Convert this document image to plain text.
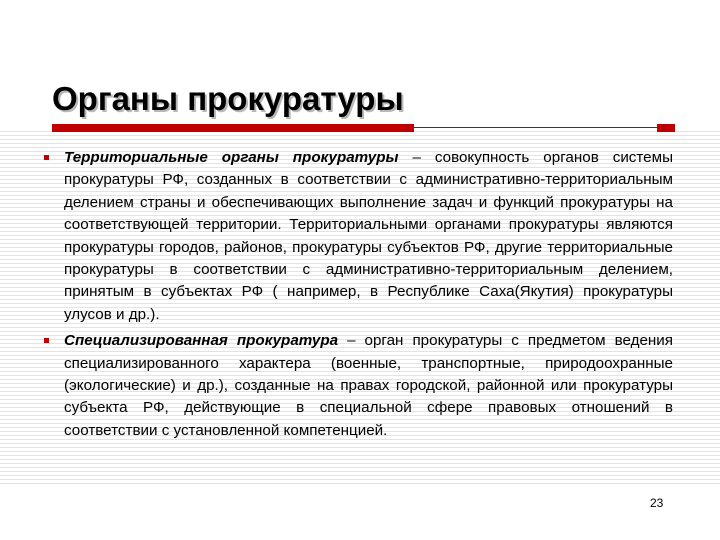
Органы прокуратуры
Территориальные органы прокуратуры – совокупность органов системы прокуратуры РФ, созданных в соответствии с административно-территориальным делением страны и обеспечивающих выполнение задач и функций прокуратуры на соответствующей территории. Территориальными органами прокуратуры являются прокуратуры городов, районов, прокуратуры субъектов РФ, другие территориальные прокуратуры в соответствии с административно-территориальным делением, принятым в субъектах РФ ( например, в Республике Саха(Якутия) прокуратуры улусов и др.).
Специализированная прокуратура – орган прокуратуры с предметом ведения специализированного характера (военные, транспортные, природоохранные (экологические) и др.), созданные на правах городской, районной или прокуратуры субъекта РФ, действующие в специальной сфере правовых отношений в соответствии с установленной компетенцией.
23
